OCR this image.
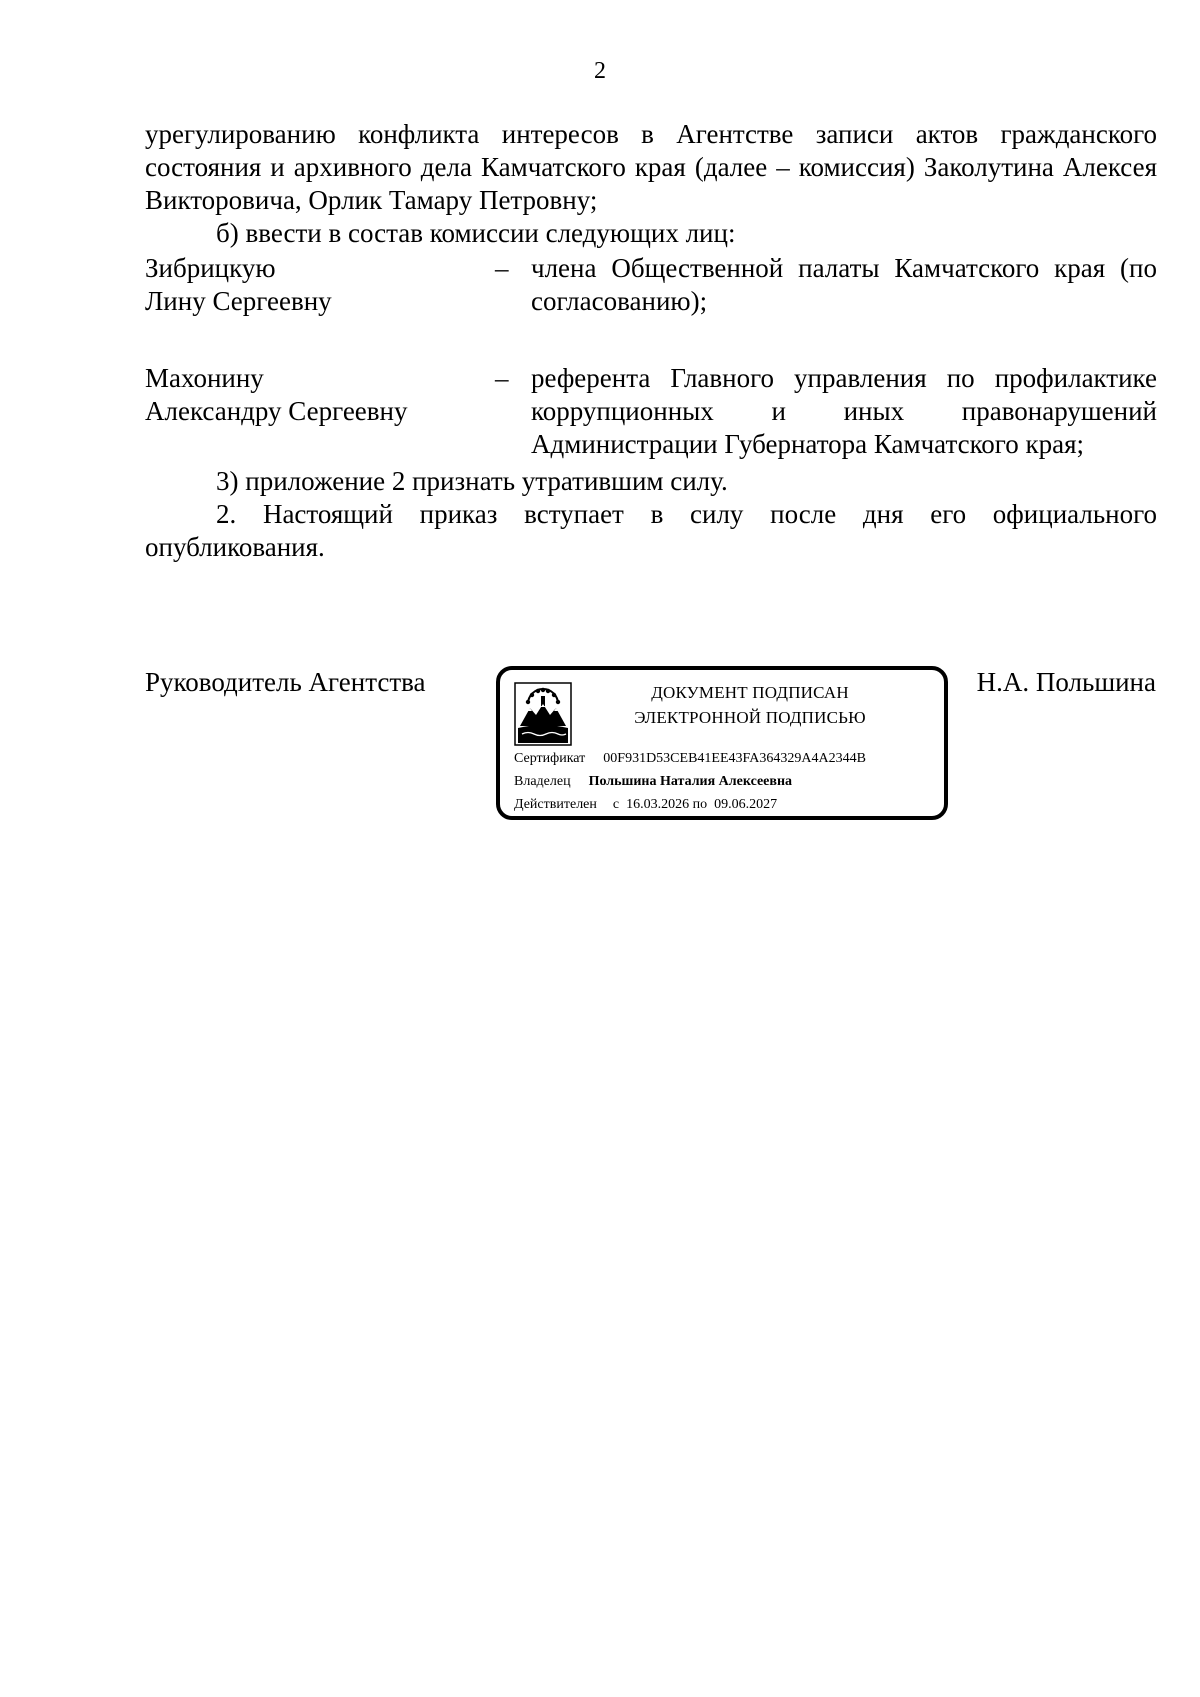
2
урегулированию конфликта интересов в Агентстве записи актов гражданского состояния и архивного дела Камчатского края (далее – комиссия) Заколутина Алексея Викторовича, Орлик Тамару Петровну;
б) ввести в состав комиссии следующих лиц:
Зибрицкую
Лину Сергеевну
– члена Общественной палаты Камчатского края (по согласованию);
Махонину
Александру Сергеевну
– референта Главного управления по профилактике коррупционных и иных правонарушений Администрации Губернатора Камчатского края;
3) приложение 2 признать утратившим силу.
2. Настоящий приказ вступает в силу после дня его официального опубликования.
Руководитель Агентства	ДОКУМЕНТ ПОДПИСАН
ЭЛЕКТРОННОЙ ПОДПИСЬЮ
Сертификат 00F931D53CEB41EE43FA364329A4A2344B
Владелец Польшина Наталия Алексеевна
Действителен с  16.03.2026 по  09.06.2027
Н.А. Польшина
